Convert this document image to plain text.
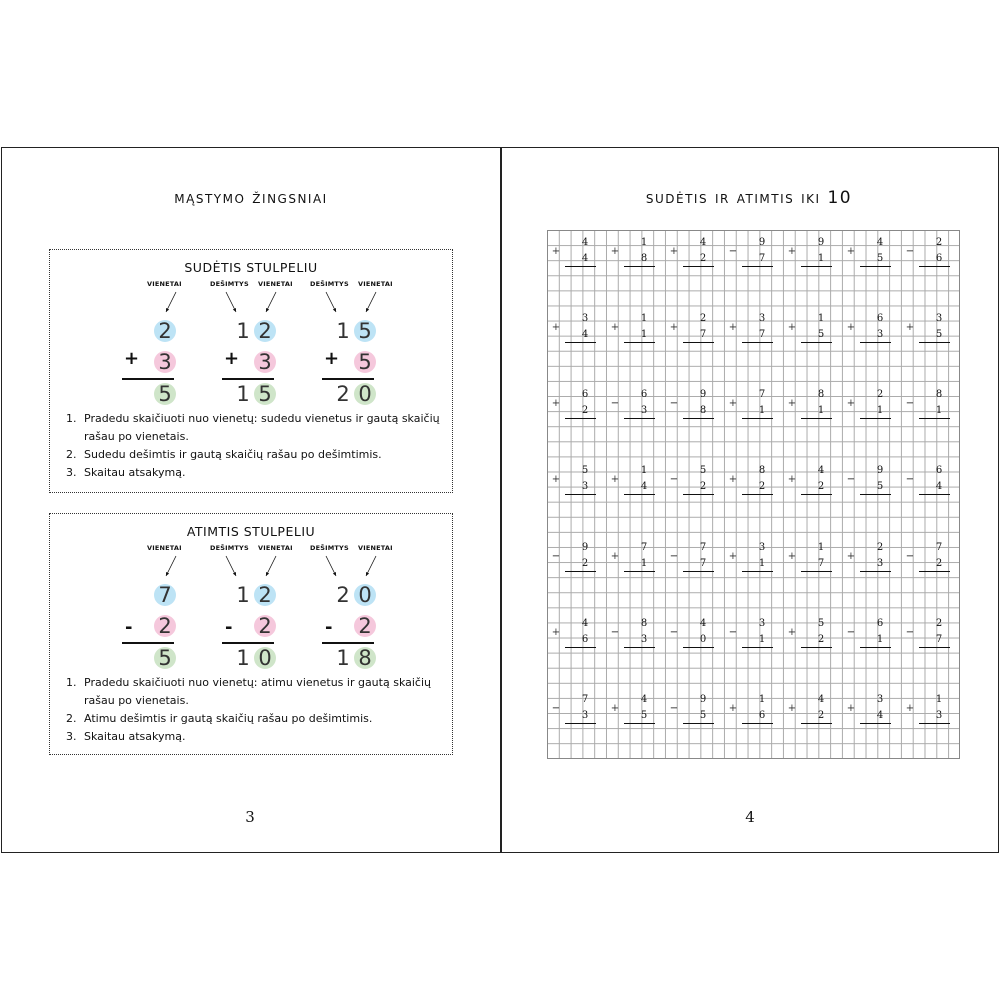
mąstymo žingsniai
SUDĖTIS STULPELIU
VIENETAI
2
+ 3
5
DEŠIMTYS VIENETAI
1 2
+ 3
1 5
DEŠIMTYS VIENETAI
1 5
+ 5
2 0
1. Pradedu skaičiuoti nuo vienetų: sudedu vienetus ir gautą skaičių rašau po vienetais.
2. Sudedu dešimtis ir gautą skaičių rašau po dešimtimis.
3. Skaitau atsakymą.
ATIMTIS STULPELIU
VIENETAI
7
- 2
5
DEŠIMTYS VIENETAI
1 2
- 2
1 0
DEŠIMTYS VIENETAI
2 0
- 2
1 8
1. Pradedu skaičiuoti nuo vienetų: atimu vienetus ir gautą skaičių rašau po vienetais.
2. Atimu dešimtis ir gautą skaičių rašau po dešimtimis.
3. Skaitau atsakymą.
3
sudėtis ir atimtis iki 10
4
+
4
4
+
1
8
+
4
2
−
9
7
+
9
1
+
4
5
−
2
6
+
3
4
+
1
1
+
2
7
+
3
7
+
1
5
+
6
3
+
3
5
+
6
2
−
6
3
−
9
8
+
7
1
+
8
1
+
2
1
−
8
1
+
5
3
+
1
4
−
5
2
+
8
2
+
4
2
−
9
5
−
6
4
−
9
2
+
7
1
−
7
7
+
3
1
+
1
7
+
2
3
−
7
2
+
4
6
−
8
3
−
4
0
−
3
1
+
5
2
−
6
1
−
2
7
−
7
3
+
4
5
−
9
5
+
1
6
+
4
2
+
3
4
+
1
3
